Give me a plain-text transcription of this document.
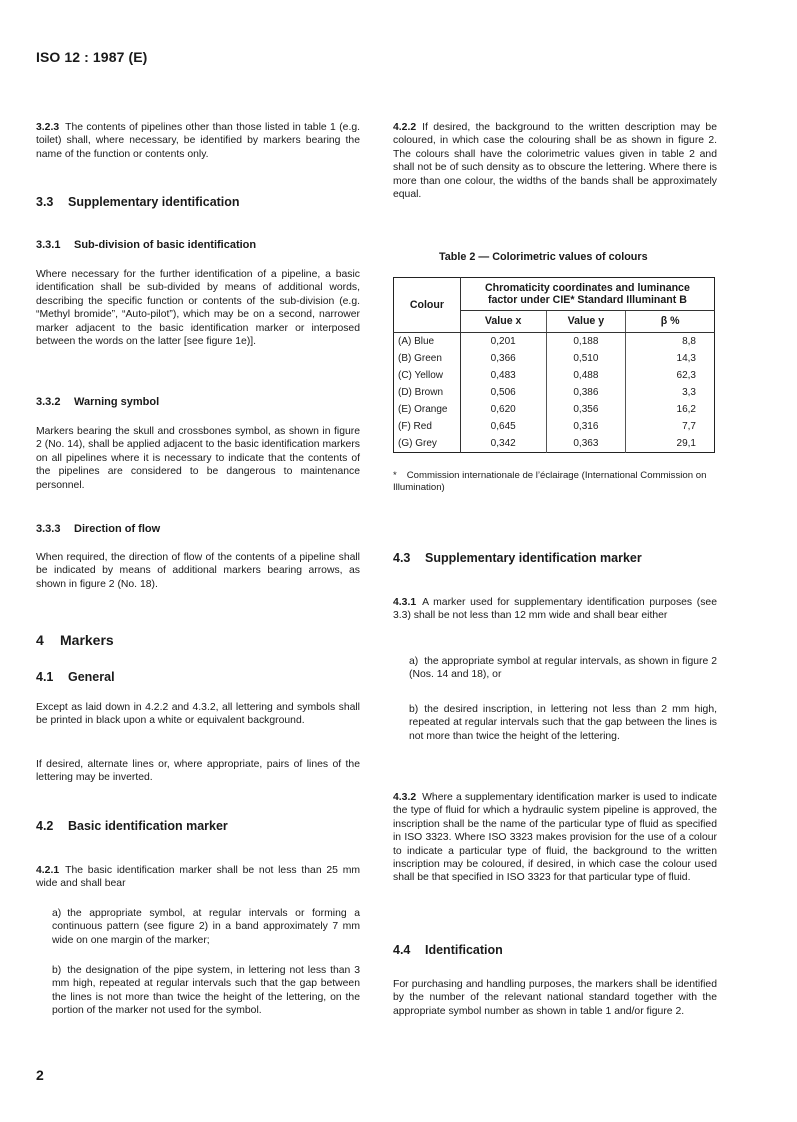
ISO 12 : 1987 (E)

3.2.3 The contents of pipelines other than those listed in table 1 (e.g. toilet) shall, where necessary, be identified by markers bearing the name of the function or contents only.

3.3 Supplementary identification
3.3.1 Sub-division of basic identification

Where necessary for the further identification of a pipeline, a basic identification shall be sub-divided by means of additional words, describing the specific function or contents of the sub-division (e.g. “Methyl bromide”, “Auto-pilot”), which may be on a second, narrower marker adjacent to the basic identification marker or interposed between the words on the latter [see figure 1e)].

3.3.2 Warning symbol

Markers bearing the skull and crossbones symbol, as shown in figure 2 (No. 14), shall be applied adjacent to the basic identification markers on all pipelines where it is necessary to indicate that the contents of the pipelines are considered to be dangerous to maintenance personnel.

3.3.3 Direction of flow

When required, the direction of flow of the contents of a pipeline shall be indicated by means of additional markers bearing arrows, as shown in figure 2 (No. 18).

4 Markers
4.1 General

Except as laid down in 4.2.2 and 4.3.2, all lettering and symbols shall be printed in black upon a white or equivalent background.

If desired, alternate lines or, where appropriate, pairs of lines of the lettering may be inverted.

4.2 Basic identification marker

4.2.1 The basic identification marker shall be not less than 25 mm wide and shall bear

a) the appropriate symbol, at regular intervals or forming a continuous pattern (see figure 2) in a band approximately 7 mm wide on one margin of the marker;

b) the designation of the pipe system, in lettering not less than 3 mm high, repeated at regular intervals such that the gap between the lines is not more than twice the height of the lettering, on the portion of the marker not used for the symbol.

4.2.2 If desired, the background to the written description may be coloured, in which case the colouring shall be as shown in figure 2. The colours shall have the colorimetric values given in table 2 and shall not be of such density as to obscure the lettering. Where there is more than one colour, the widths of the bands shall be approximately equal.

Table 2 — Colorimetric values of colours
Colour	Chromaticity coordinates and luminance factor under CIE* Standard Illuminant B		
	Value x	Value y	β %
(A) Blue	0,201	0,188	8,8
(B) Green	0,366	0,510	14,3
(C) Yellow	0,483	0,488	62,3
(D) Brown	0,506	0,386	3,3
(E) Orange	0,620	0,356	16,2
(F) Red	0,645	0,316	7,7
(G) Grey	0,342	0,363	29,1
* Commission internationale de l’éclairage (International Commission on Illumination)
4.3 Supplementary identification marker

4.3.1 A marker used for supplementary identification purposes (see 3.3) shall be not less than 12 mm wide and shall bear either

a) the appropriate symbol at regular intervals, as shown in figure 2 (Nos. 14 and 18), or

b) the desired inscription, in lettering not less than 2 mm high, repeated at regular intervals such that the gap between the lines is not more than twice the height of the lettering.

4.3.2 Where a supplementary identification marker is used to indicate the type of fluid for which a hydraulic system pipeline is approved, the inscription shall be the name of the particular type of fluid as specified in ISO 3323. Where ISO 3323 makes provision for the use of a colour to indicate a particular type of fluid, the background to the written inscription may be coloured, if desired, in which case the colour used shall be that specified in ISO 3323 for that particular type of fluid.

4.4 Identification

For purchasing and handling purposes, the markers shall be identified by the number of the relevant national standard together with the appropriate symbol number as shown in table 1 and/or figure 2.

2
